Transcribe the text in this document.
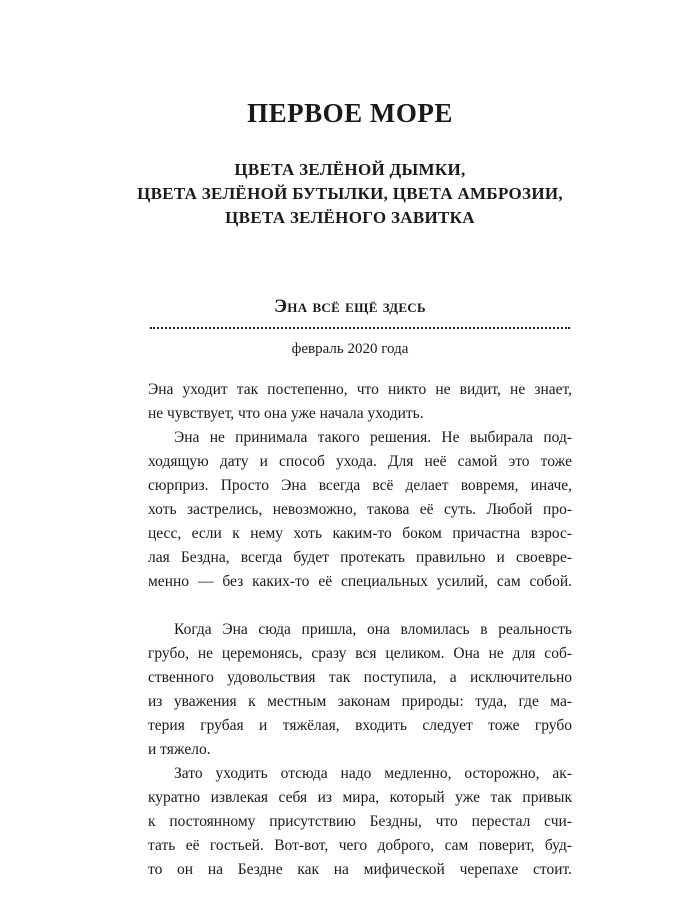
ПЕРВОЕ МОРЕ
ЦВЕТА ЗЕЛЁНОЙ ДЫМКИ,
ЦВЕТА ЗЕЛЁНОЙ БУТЫЛКИ, ЦВЕТА АМБРОЗИИ,
ЦВЕТА ЗЕЛЁНОГО ЗАВИТКА
Эна всё ещё здесь
февраль 2020 года
Эна уходит так постепенно, что никто не видит, не знает,
не чувствует, что она уже начала уходить.
Эна не принимала такого решения. Не выбирала под-
ходящую дату и способ ухода. Для неё самой это тоже
сюрприз. Просто Эна всегда всё делает вовремя, иначе,
хоть застрелись, невозможно, такова её суть. Любой про-
цесс, если к нему хоть каким-то боком причастна взрос-
лая Бездна, всегда будет протекать правильно и своевре-
менно — без каких-то её специальных усилий, сам собой.
Когда Эна сюда пришла, она вломилась в реальность
грубо, не церемонясь, сразу вся целиком. Она не для соб-
ственного удовольствия так поступила, а исключительно
из уважения к местным законам природы: туда, где ма-
терия грубая и тяжёлая, входить следует тоже грубо
и тяжело.
Зато уходить отсюда надо медленно, осторожно, ак-
куратно извлекая себя из мира, который уже так привык
к постоянному присутствию Бездны, что перестал счи-
тать её гостьей. Вот-вот, чего доброго, сам поверит, буд-
то он на Бездне как на мифической черепахе стоит.
